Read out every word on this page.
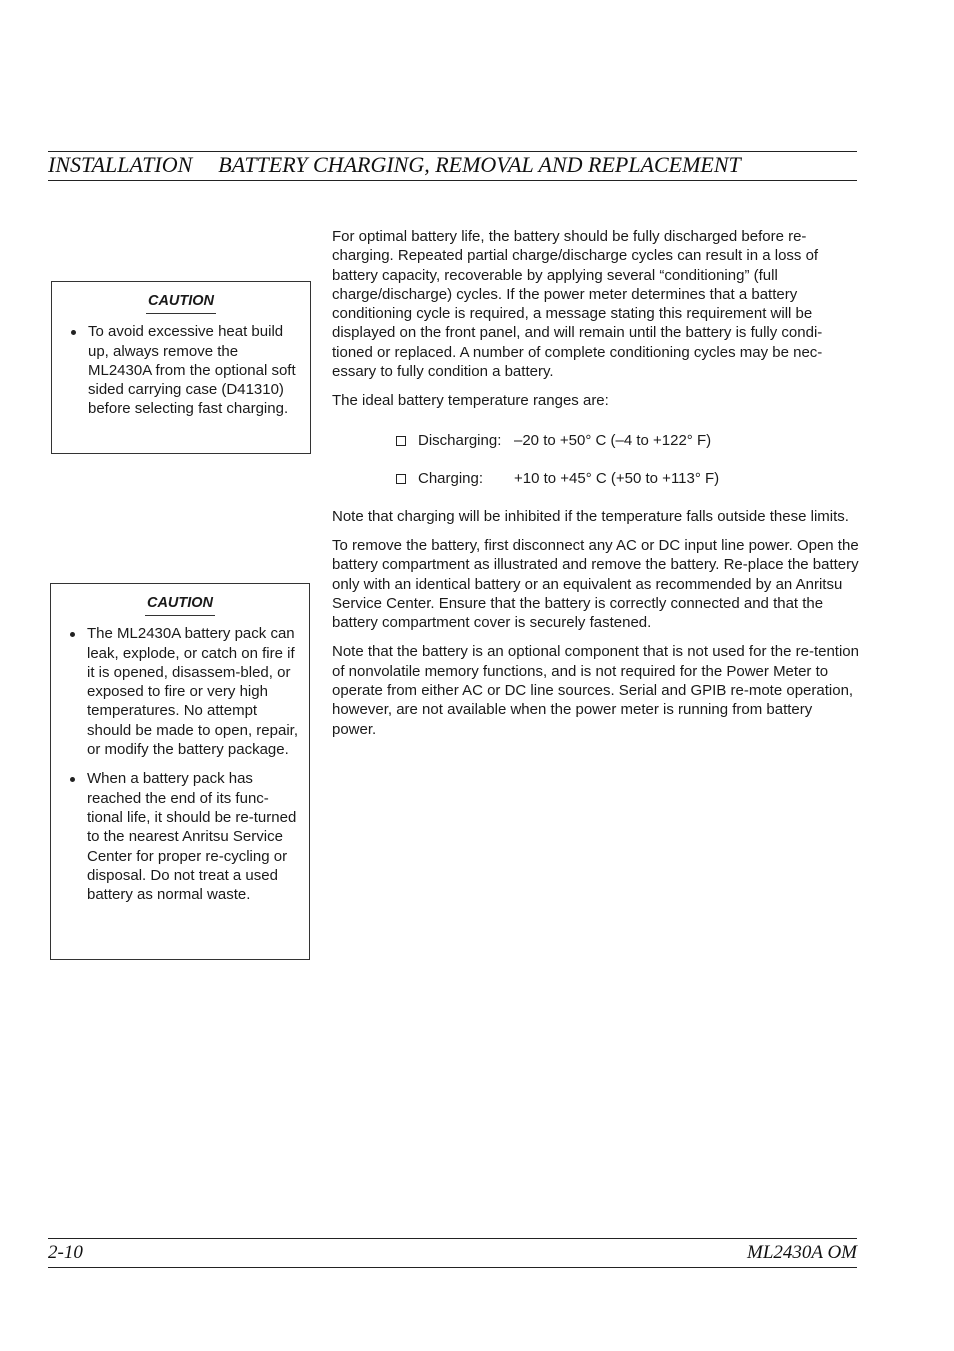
INSTALLATION BATTERY CHARGING, REMOVAL AND REPLACEMENT
CAUTION
To avoid excessive heat build up, always remove the ML2430A from the optional soft sided carrying case (D41310) before selecting fast charging.
CAUTION
The ML2430A battery pack can leak, explode, or catch on fire if it is opened, disassem-bled, or exposed to fire or very high temperatures. No attempt should be made to open, repair, or modify the battery package.
When a battery pack has reached the end of its func-tional life, it should be re-turned to the nearest Anritsu Service Center for proper re-cycling or disposal. Do not treat a used battery as normal waste.

For optimal battery life, the battery should be fully discharged before re-charging. Repeated partial charge/discharge cycles can result in a loss of battery capacity, recoverable by applying several “conditioning” (full charge/discharge) cycles. If the power meter determines that a battery conditioning cycle is required, a message stating this requirement will be displayed on the front panel, and will remain until the battery is fully condi-tioned or replaced. A number of complete conditioning cycles may be nec-essary to fully condition a battery.

The ideal battery temperature ranges are:

Discharging: –20 to +50° C (–4 to +122° F)
Charging: +10 to +45° C (+50 to +113° F)

Note that charging will be inhibited if the temperature falls outside these limits.

To remove the battery, first disconnect any AC or DC input line power. Open the battery compartment as illustrated and remove the battery. Re-place the battery only with an identical battery or an equivalent as recommended by an Anritsu Service Center. Ensure that the battery is correctly connected and that the battery compartment cover is securely fastened.

Note that the battery is an optional component that is not used for the re-tention of nonvolatile memory functions, and is not required for the Power Meter to operate from either AC or DC line sources. Serial and GPIB re-mote operation, however, are not available when the power meter is running from battery power.

2-10	ML2430A OM
